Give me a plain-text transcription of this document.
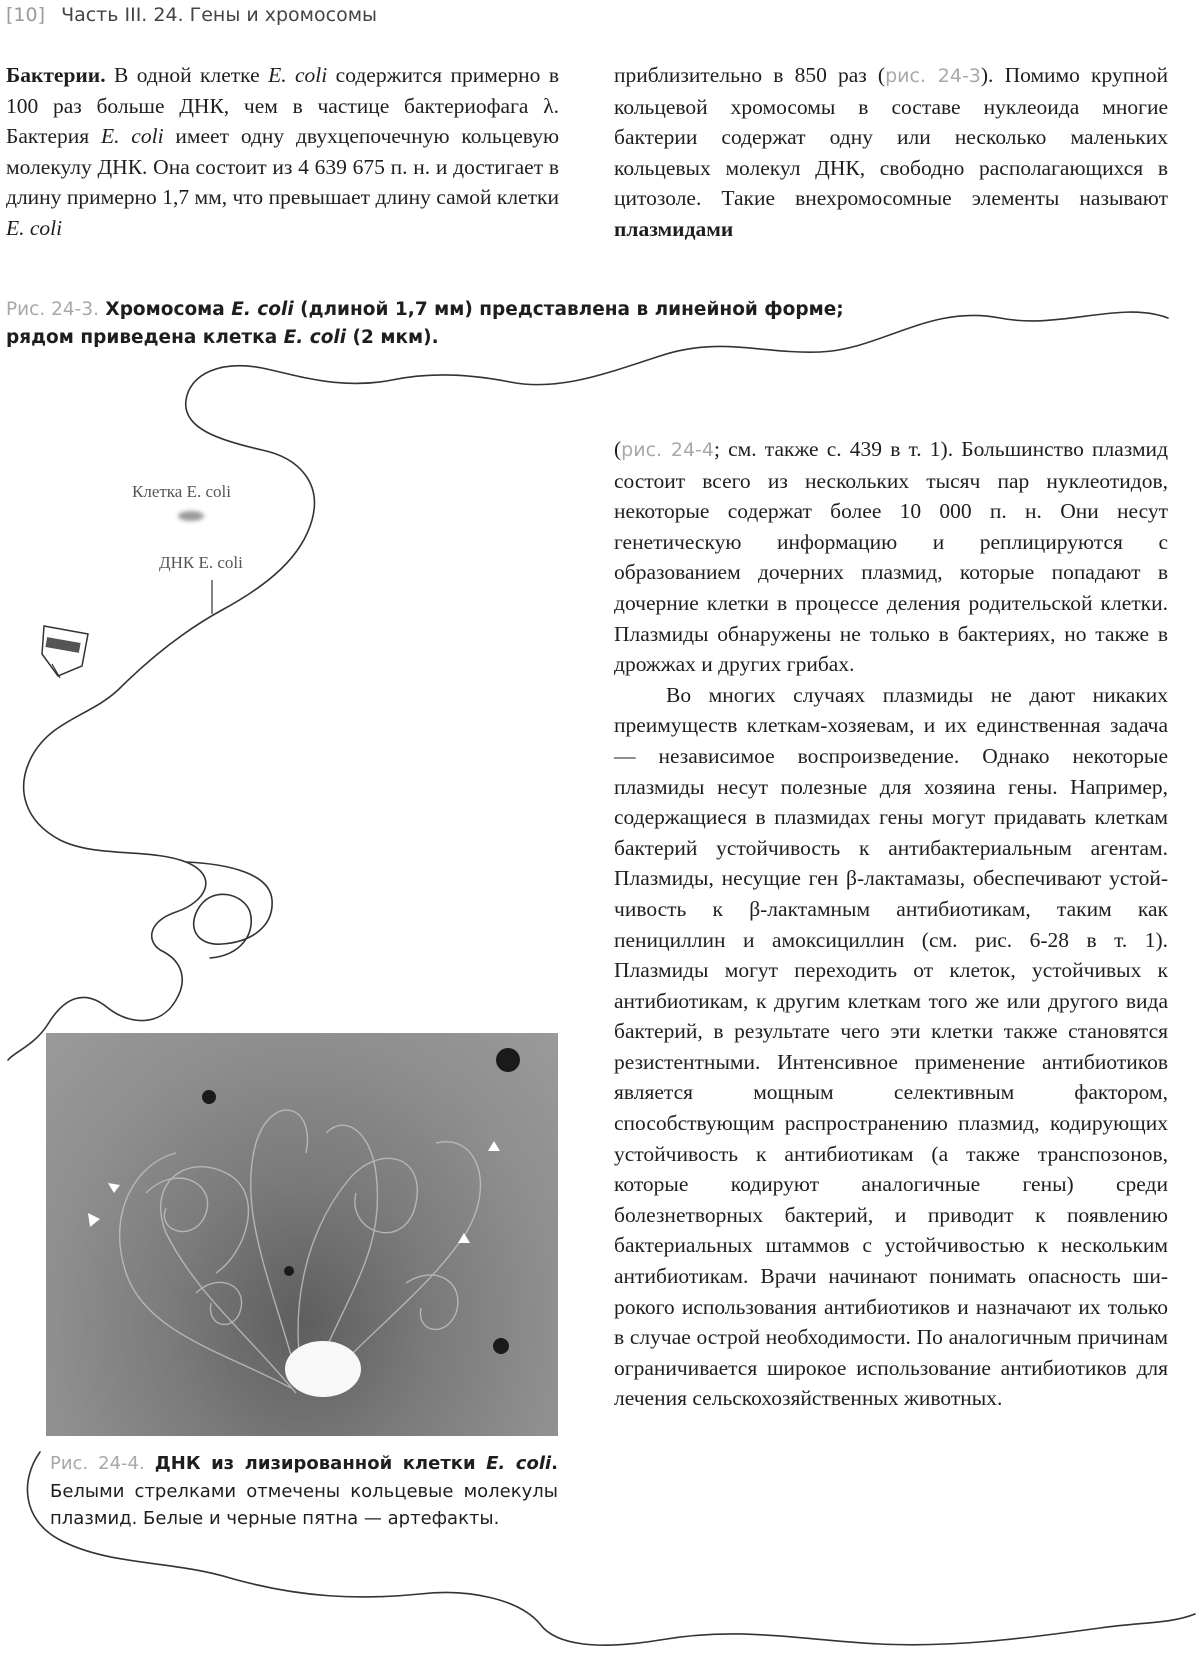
[10] Часть III. 24. Гены и хромосомы

Бактерии. В одной клетке E. coli содержится примерно в 100 раз больше ДНК, чем в частице бактериофага λ. Бактерия E. coli имеет одну двухцепочечную кольцевую молекулу ДНК. Она состоит из 4 639 675 п. н. и достигает в длину примерно 1,7 мм, что превышает длину самой клетки E. coli

приблизительно в 850 раз (рис. 24-3). Помимо крупной кольцевой хромосомы в составе нуклеоида многие бактерии содержат одну или несколько маленьких кольцевых молекул ДНК, свободно располагающихся в цитозоле. Такие внехромосомные элементы называют плазмидами

Рис. 24-3. Хромосома E. coli (длиной 1,7 мм) представлена в линейной форме;
рядом приведена клетка E. coli (2 мкм).
Клетка E. coli
ДНК E. coli

(рис. 24-4; см. также с. 439 в т. 1). Большинство плазмид состоит всего из нескольких тысяч пар нуклеотидов, некоторые содержат более 10 000 п. н. Они несут генетическую информацию и реплицируются с образованием дочерних плазмид, которые попадают в дочерние клетки в процессе деления родительской клетки. Плазмиды обнаружены не только в бактериях, но также в дрожжах и других грибах.

Во многих случаях плазмиды не дают никаких преимуществ клеткам-хозяевам, и их единственная задача — независимое воспроизведение. Однако некоторые плазмиды несут полезные для хозяина гены. Например, содержащиеся в плазмидах гены могут придавать клеткам бактерий устойчивость к антибактериальным агентам. Плазмиды, несущие ген β-лактамазы, обеспечивают устойчивость к β-лактамным антибиотикам, таким как пенициллин и амоксициллин (см. рис. 6-28 в т. 1). Плазмиды могут переходить от клеток, устойчивых к антибиотикам, к другим клеткам того же или другого вида бактерий, в результате чего эти клетки также становятся резистентными. Интенсивное применение антибиотиков является мощным селективным фактором, способствующим распространению плазмид, кодирующих устойчивость к антибиотикам (а также транспозонов, которые кодируют аналогичные гены) среди болезнетворных бактерий, и приводит к появлению бактериальных штаммов с устойчивостью к нескольким антибиотикам. Врачи начинают понимать опасность широкого использования антибиотиков и назначают их только в случае острой необходимости. По аналогичным причинам ограничивается широкое использование антибиотиков для лечения сельскохозяйственных животных.

Рис. 24-4. ДНК из лизированной клетки E. coli. Белыми стрелками отмечены кольцевые молекулы плазмид. Белые и черные пятна — артефакты.
